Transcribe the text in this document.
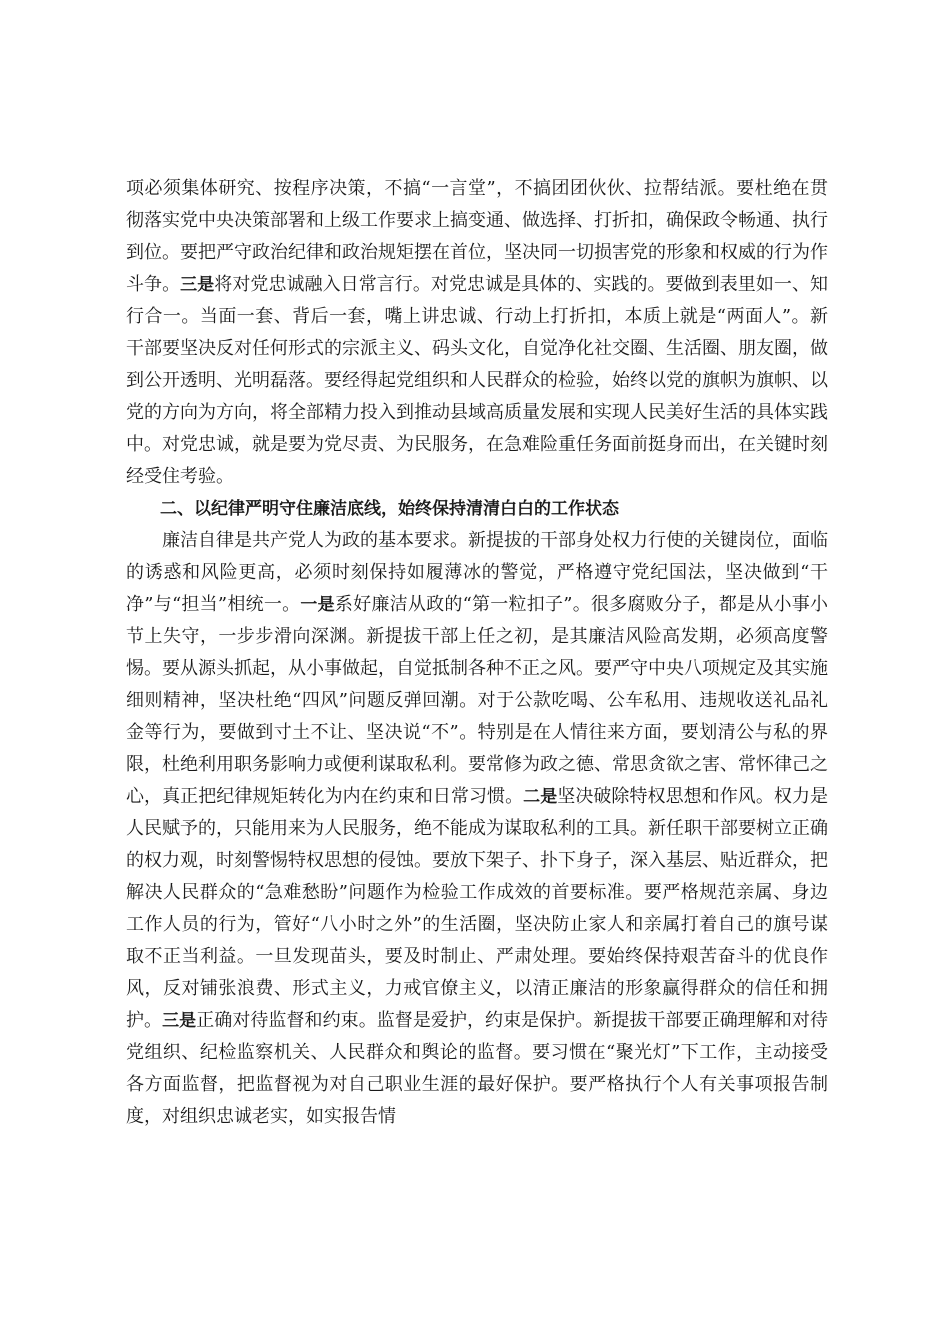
项必须集体研究、按程序决策，不搞“一言堂”，不搞团团伙伙、拉帮结派。要杜绝在贯彻落实党中央决策部署和上级工作要求上搞变通、做选择、打折扣，确保政令畅通、执行到位。要把严守政治纪律和政治规矩摆在首位，坚决同一切损害党的形象和权威的行为作斗争。三是将对党忠诚融入日常言行。对党忠诚是具体的、实践的。要做到表里如一、知行合一。当面一套、背后一套，嘴上讲忠诚、行动上打折扣，本质上就是“两面人”。新干部要坚决反对任何形式的宗派主义、码头文化，自觉净化社交圈、生活圈、朋友圈，做到公开透明、光明磊落。要经得起党组织和人民群众的检验，始终以党的旗帜为旗帜、以党的方向为方向，将全部精力投入到推动县域高质量发展和实现人民美好生活的具体实践中。对党忠诚，就是要为党尽责、为民服务，在急难险重任务面前挺身而出，在关键时刻经受住考验。

二、以纪律严明守住廉洁底线，始终保持清清白白的工作状态

廉洁自律是共产党人为政的基本要求。新提拔的干部身处权力行使的关键岗位，面临的诱惑和风险更高，必须时刻保持如履薄冰的警觉，严格遵守党纪国法，坚决做到“干净”与“担当”相统一。一是系好廉洁从政的“第一粒扣子”。很多腐败分子，都是从小事小节上失守，一步步滑向深渊。新提拔干部上任之初，是其廉洁风险高发期，必须高度警惕。要从源头抓起，从小事做起，自觉抵制各种不正之风。要严守中央八项规定及其实施细则精神，坚决杜绝“四风”问题反弹回潮。对于公款吃喝、公车私用、违规收送礼品礼金等行为，要做到寸土不让、坚决说“不”。特别是在人情往来方面，要划清公与私的界限，杜绝利用职务影响力或便利谋取私利。要常修为政之德、常思贪欲之害、常怀律己之心，真正把纪律规矩转化为内在约束和日常习惯。二是坚决破除特权思想和作风。权力是人民赋予的，只能用来为人民服务，绝不能成为谋取私利的工具。新任职干部要树立正确的权力观，时刻警惕特权思想的侵蚀。要放下架子、扑下身子，深入基层、贴近群众，把解决人民群众的“急难愁盼”问题作为检验工作成效的首要标准。要严格规范亲属、身边工作人员的行为，管好“八小时之外”的生活圈，坚决防止家人和亲属打着自己的旗号谋取不正当利益。一旦发现苗头，要及时制止、严肃处理。要始终保持艰苦奋斗的优良作风，反对铺张浪费、形式主义，力戒官僚主义，以清正廉洁的形象赢得群众的信任和拥护。三是正确对待监督和约束。监督是爱护，约束是保护。新提拔干部要正确理解和对待党组织、纪检监察机关、人民群众和舆论的监督。要习惯在“聚光灯”下工作，主动接受各方面监督，把监督视为对自己职业生涯的最好保护。要严格执行个人有关事项报告制度，对组织忠诚老实，如实报告情
